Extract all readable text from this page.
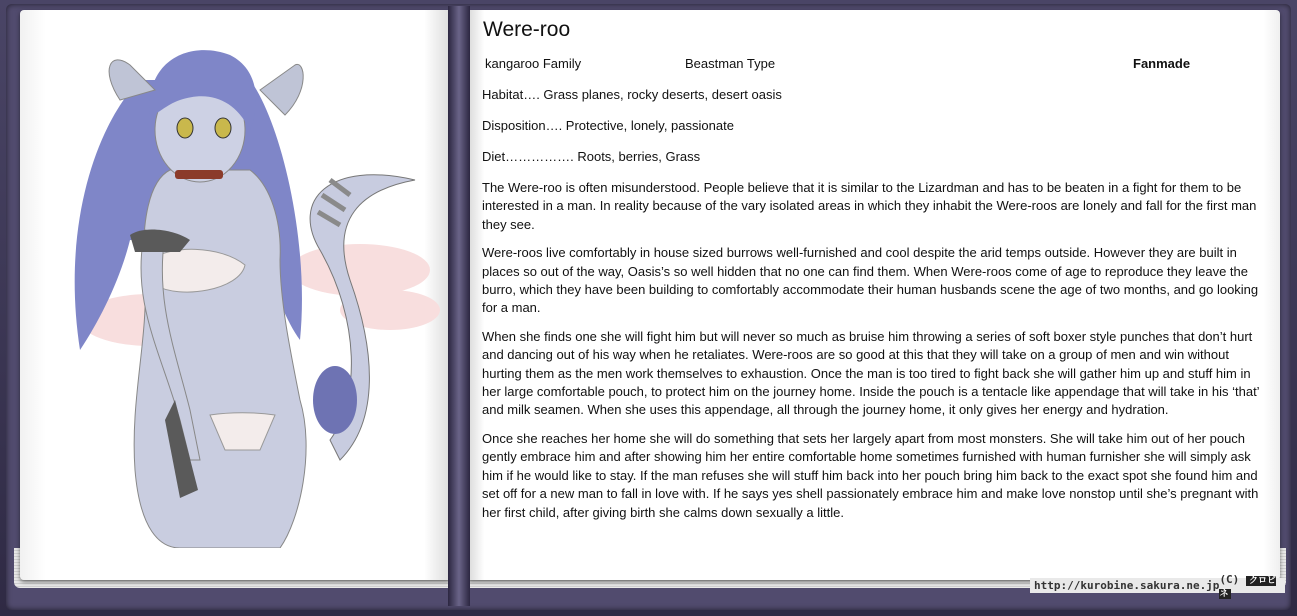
Were-roo
kangaroo Family	Beastman Type	Fanmade

Habitat…. Grass planes, rocky deserts, desert oasis

Disposition…. Protective, lonely, passionate

Diet……………. Roots, berries, Grass

The Were-roo is often misunderstood. People believe that it is similar to the Lizardman and has to be beaten in a fight for them to be interested in a man. In reality because of the vary isolated areas in which they inhabit the Were-roos are lonely and fall for the first man they see.

Were-roos live comfortably in house sized burrows well-furnished and cool despite the arid temps outside. However they are built in places so out of the way, Oasis’s so well hidden that no one can find them. When Were-roos come of age to reproduce they leave the burro, which they have been building to comfortably accommodate their human husbands scene the age of two months, and go looking for a man.

When she finds one she will fight him but will never so much as bruise him throwing a series of soft boxer style punches that don’t hurt and dancing out of his way when he retaliates. Were-roos are so good at this that they will take on a group of men and win without hurting them as the men work themselves to exhaustion. Once the man is too tired to fight back she will gather him up and stuff him in her large comfortable pouch, to protect him on the journey home. Inside the pouch is a tentacle like appendage that will take in his ‘that’ and milk seamen. When she uses this appendage, all through the journey home, it only gives her energy and hydration.

Once she reaches her home she will do something that sets her largely apart from most monsters. She will take him out of her pouch gently embrace him and after showing him her entire comfortable home sometimes furnished with human furnisher she will simply ask him if he would like to stay. If the man refuses she will stuff him back into her pouch bring him back to the exact spot she found him and set off for a new man to fall in love with. If he says yes shell passionately embrace him and make love nonstop until she’s pregnant with her first child, after giving birth she calms down sexually a little.

http://kurobine.sakura.ne.jp (C) クロビネ
